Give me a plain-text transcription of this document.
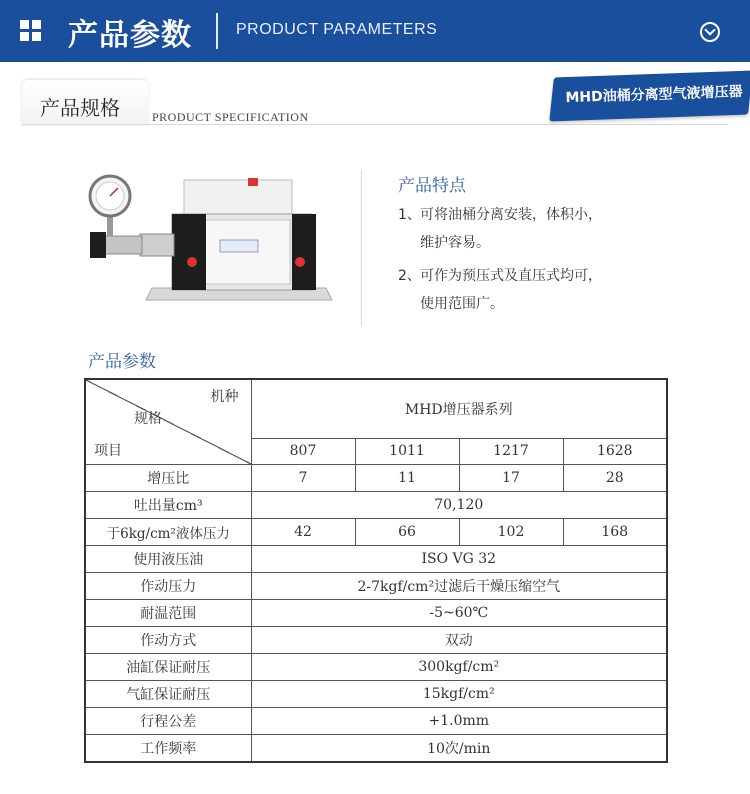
产品参数	PRODUCT PARAMETERS
产品规格	PRODUCT SPECIFICATION
MHD油桶分离型气液增压器
产品特点
1、可将油桶分离安装，体积小，
维护容易。
2、可作为预压式及直压式均可，
使用范围广。
产品参数
机种
规格
项目	MHD增压器系列			
	807	1011	1217	1628
增压比	7	11	17	28
吐出量cm³	70,120			
于6kg/cm²液体压力	42	66	102	168
使用液压油	ISO VG 32			
作动压力	2-7kgf/cm²过滤后干燥压缩空气			
耐温范围	-5~60℃			
作动方式	双动			
油缸保证耐压	300kgf/cm²			
气缸保证耐压	15kgf/cm²			
行程公差	+1.0mm			
工作频率	10次/min			
